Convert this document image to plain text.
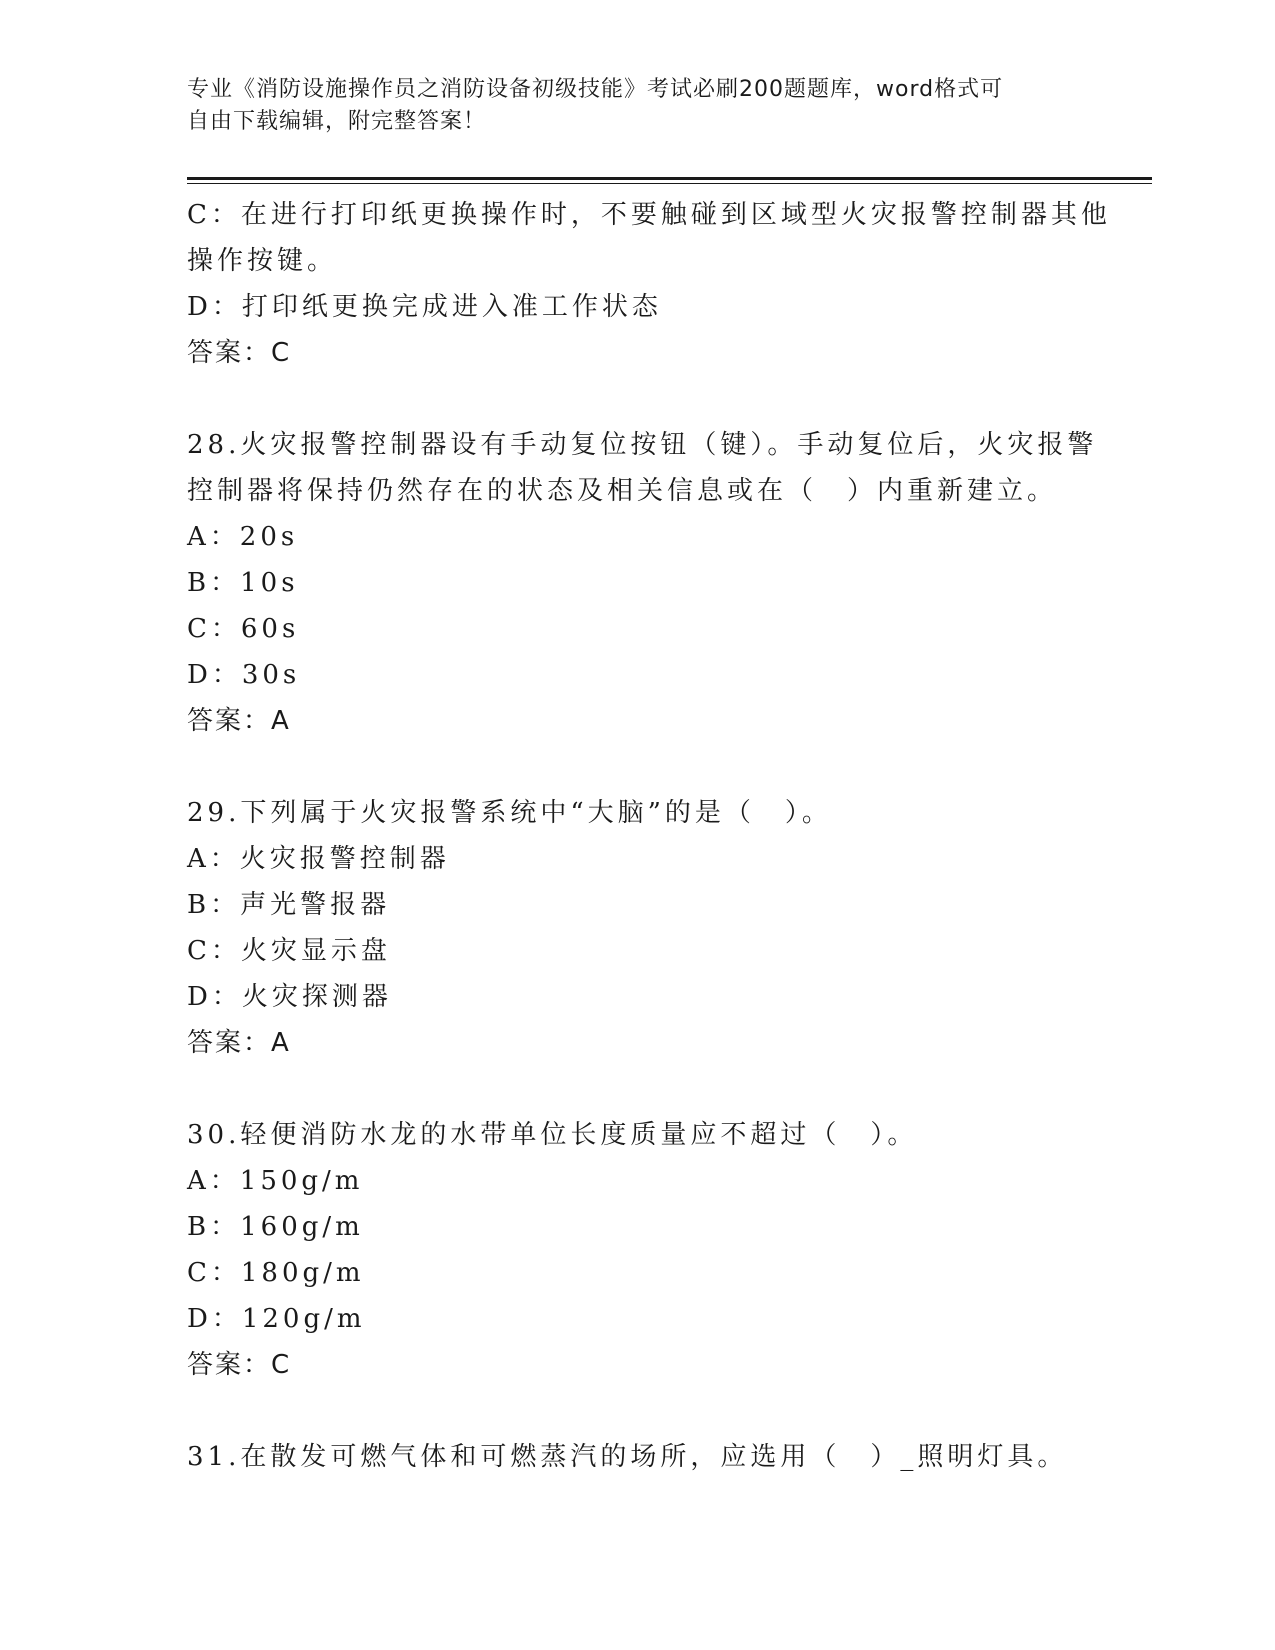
专业《消防设施操作员之消防设备初级技能》考试必刷200题题库，word格式可
自由下载编辑，附完整答案！
C：在进行打印纸更换操作时，不要触碰到区域型火灾报警控制器其他
操作按键。
D：打印纸更换完成进入准工作状态
答案：C
28.火灾报警控制器设有手动复位按钮（键）。手动复位后，火灾报警
控制器将保持仍然存在的状态及相关信息或在（　）内重新建立。
A：20s
B：10s
C：60s
D：30s
答案：A
29.下列属于火灾报警系统中“大脑”的是（　）。
A：火灾报警控制器
B：声光警报器
C：火灾显示盘
D：火灾探测器
答案：A
30.轻便消防水龙的水带单位长度质量应不超过（　）。
A：150g/m
B：160g/m
C：180g/m
D：120g/m
答案：C
31.在散发可燃气体和可燃蒸汽的场所，应选用（　）_照明灯具。
